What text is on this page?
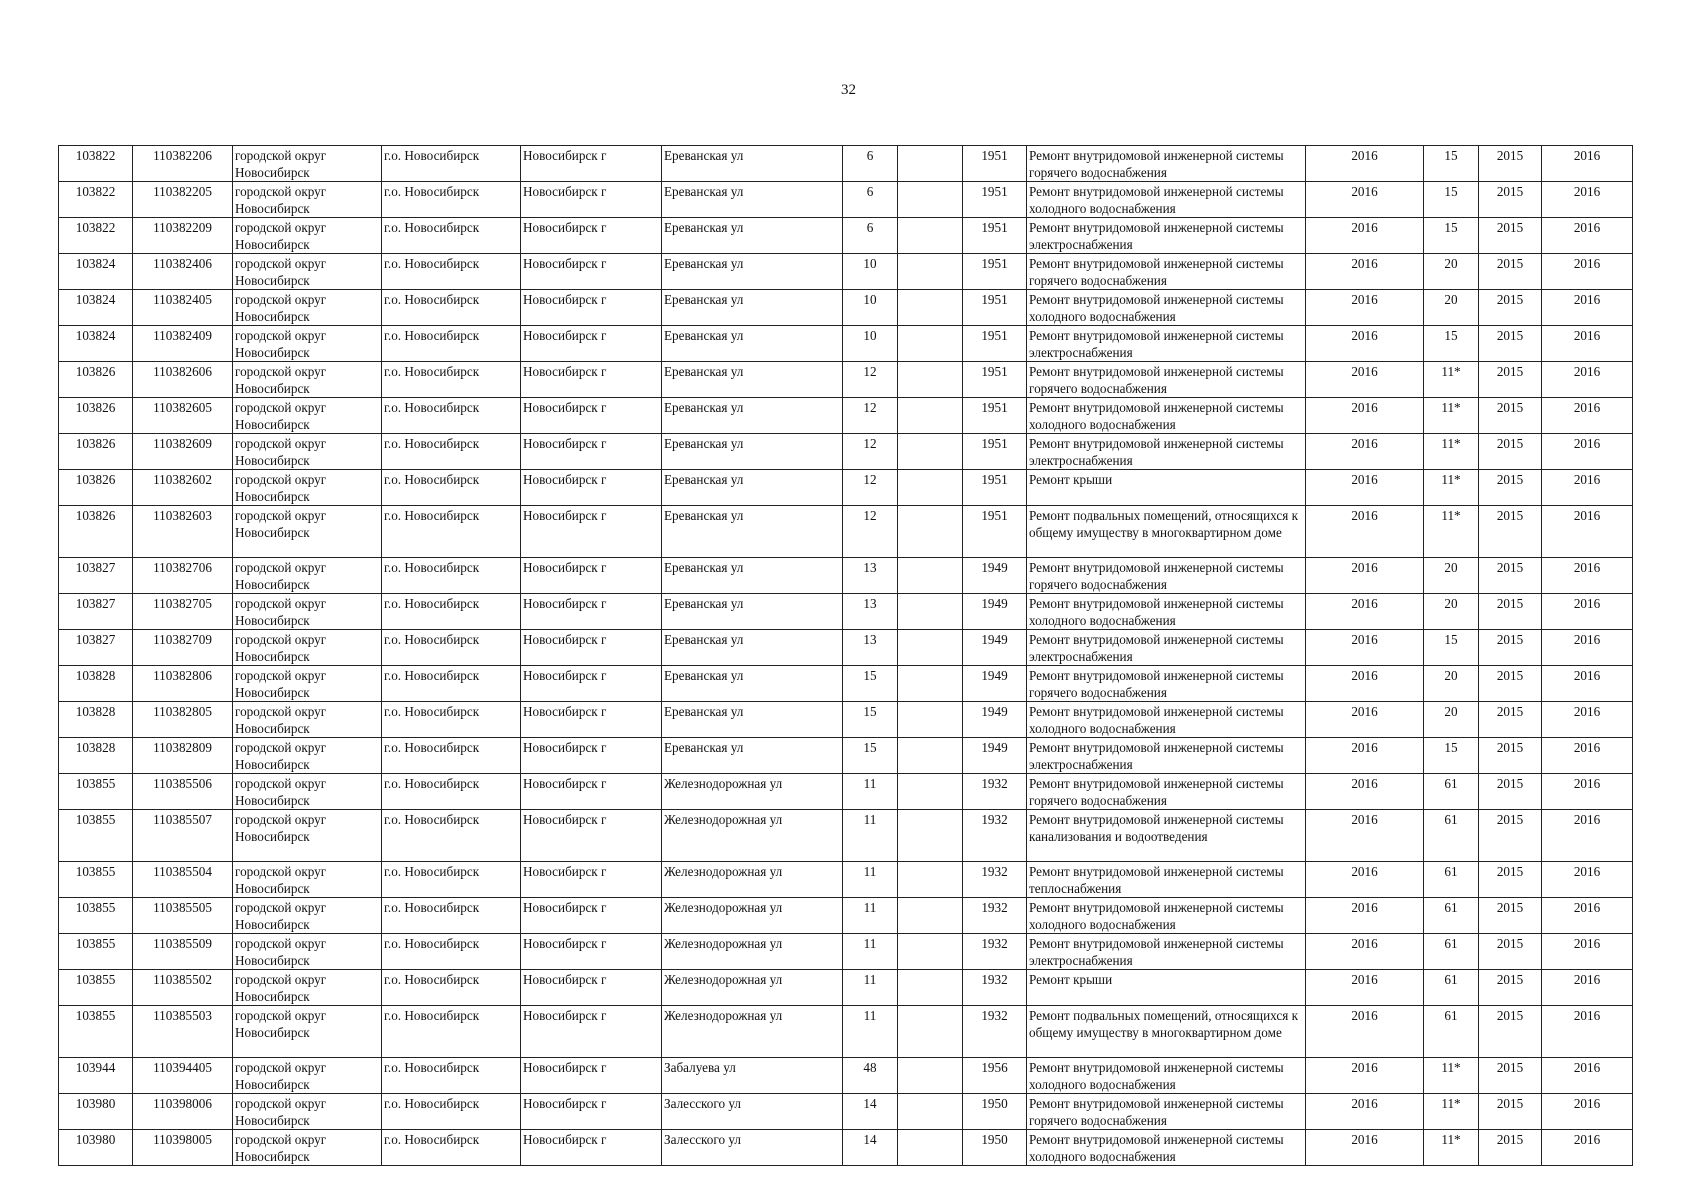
32
103822	110382206	городской округ Новосибирск	г.о. Новосибирск	Новосибирск г	Ереванская ул	6		1951	Ремонт внутридомовой инженерной системы горячего водоснабжения	2016	15	2015	2016
103822	110382205	городской округ Новосибирск	г.о. Новосибирск	Новосибирск г	Ереванская ул	6		1951	Ремонт внутридомовой инженерной системы холодного водоснабжения	2016	15	2015	2016
103822	110382209	городской округ Новосибирск	г.о. Новосибирск	Новосибирск г	Ереванская ул	6		1951	Ремонт внутридомовой инженерной системы электроснабжения	2016	15	2015	2016
103824	110382406	городской округ Новосибирск	г.о. Новосибирск	Новосибирск г	Ереванская ул	10		1951	Ремонт внутридомовой инженерной системы горячего водоснабжения	2016	20	2015	2016
103824	110382405	городской округ Новосибирск	г.о. Новосибирск	Новосибирск г	Ереванская ул	10		1951	Ремонт внутридомовой инженерной системы холодного водоснабжения	2016	20	2015	2016
103824	110382409	городской округ Новосибирск	г.о. Новосибирск	Новосибирск г	Ереванская ул	10		1951	Ремонт внутридомовой инженерной системы электроснабжения	2016	15	2015	2016
103826	110382606	городской округ Новосибирск	г.о. Новосибирск	Новосибирск г	Ереванская ул	12		1951	Ремонт внутридомовой инженерной системы горячего водоснабжения	2016	11*	2015	2016
103826	110382605	городской округ Новосибирск	г.о. Новосибирск	Новосибирск г	Ереванская ул	12		1951	Ремонт внутридомовой инженерной системы холодного водоснабжения	2016	11*	2015	2016
103826	110382609	городской округ Новосибирск	г.о. Новосибирск	Новосибирск г	Ереванская ул	12		1951	Ремонт внутридомовой инженерной системы электроснабжения	2016	11*	2015	2016
103826	110382602	городской округ Новосибирск	г.о. Новосибирск	Новосибирск г	Ереванская ул	12		1951	Ремонт крыши	2016	11*	2015	2016
103826	110382603	городской округ Новосибирск	г.о. Новосибирск	Новосибирск г	Ереванская ул	12		1951	Ремонт подвальных помещений, относящихся к общему имуществу в многоквартирном доме	2016	11*	2015	2016
103827	110382706	городской округ Новосибирск	г.о. Новосибирск	Новосибирск г	Ереванская ул	13		1949	Ремонт внутридомовой инженерной системы горячего водоснабжения	2016	20	2015	2016
103827	110382705	городской округ Новосибирск	г.о. Новосибирск	Новосибирск г	Ереванская ул	13		1949	Ремонт внутридомовой инженерной системы холодного водоснабжения	2016	20	2015	2016
103827	110382709	городской округ Новосибирск	г.о. Новосибирск	Новосибирск г	Ереванская ул	13		1949	Ремонт внутридомовой инженерной системы электроснабжения	2016	15	2015	2016
103828	110382806	городской округ Новосибирск	г.о. Новосибирск	Новосибирск г	Ереванская ул	15		1949	Ремонт внутридомовой инженерной системы горячего водоснабжения	2016	20	2015	2016
103828	110382805	городской округ Новосибирск	г.о. Новосибирск	Новосибирск г	Ереванская ул	15		1949	Ремонт внутридомовой инженерной системы холодного водоснабжения	2016	20	2015	2016
103828	110382809	городской округ Новосибирск	г.о. Новосибирск	Новосибирск г	Ереванская ул	15		1949	Ремонт внутридомовой инженерной системы электроснабжения	2016	15	2015	2016
103855	110385506	городской округ Новосибирск	г.о. Новосибирск	Новосибирск г	Железнодорожная ул	11		1932	Ремонт внутридомовой инженерной системы горячего водоснабжения	2016	61	2015	2016
103855	110385507	городской округ Новосибирск	г.о. Новосибирск	Новосибирск г	Железнодорожная ул	11		1932	Ремонт внутридомовой инженерной системы канализования и водоотведения	2016	61	2015	2016
103855	110385504	городской округ Новосибирск	г.о. Новосибирск	Новосибирск г	Железнодорожная ул	11		1932	Ремонт внутридомовой инженерной системы теплоснабжения	2016	61	2015	2016
103855	110385505	городской округ Новосибирск	г.о. Новосибирск	Новосибирск г	Железнодорожная ул	11		1932	Ремонт внутридомовой инженерной системы холодного водоснабжения	2016	61	2015	2016
103855	110385509	городской округ Новосибирск	г.о. Новосибирск	Новосибирск г	Железнодорожная ул	11		1932	Ремонт внутридомовой инженерной системы электроснабжения	2016	61	2015	2016
103855	110385502	городской округ Новосибирск	г.о. Новосибирск	Новосибирск г	Железнодорожная ул	11		1932	Ремонт крыши	2016	61	2015	2016
103855	110385503	городской округ Новосибирск	г.о. Новосибирск	Новосибирск г	Железнодорожная ул	11		1932	Ремонт подвальных помещений, относящихся к общему имуществу в многоквартирном доме	2016	61	2015	2016
103944	110394405	городской округ Новосибирск	г.о. Новосибирск	Новосибирск г	Забалуева ул	48		1956	Ремонт внутридомовой инженерной системы холодного водоснабжения	2016	11*	2015	2016
103980	110398006	городской округ Новосибирск	г.о. Новосибирск	Новосибирск г	Залесского ул	14		1950	Ремонт внутридомовой инженерной системы горячего водоснабжения	2016	11*	2015	2016
103980	110398005	городской округ Новосибирск	г.о. Новосибирск	Новосибирск г	Залесского ул	14		1950	Ремонт внутридомовой инженерной системы холодного водоснабжения	2016	11*	2015	2016
